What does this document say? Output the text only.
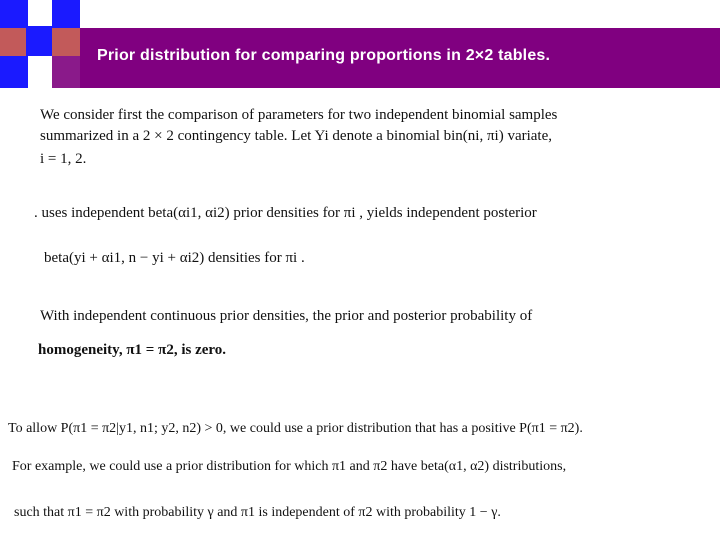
Prior distribution for comparing proportions in 2×2 tables.
We consider first the comparison of parameters for two independent binomial samples
summarized in a 2 × 2 contingency table. Let Yi denote a binomial bin(ni, πi) variate,
i = 1, 2.
. uses independent beta(αi1, αi2) prior densities for πi , yields independent posterior
beta(yi + αi1, n − yi + αi2) densities for πi .
With independent continuous prior densities, the prior and posterior probability of
homogeneity, π1 = π2, is zero.
To allow P(π1 = π2|y1, n1; y2, n2) > 0, we could use a prior distribution that has a positive P(π1 = π2).
For example, we could use a prior distribution for which π1 and π2 have beta(α1, α2) distributions,
such that π1 = π2 with probability γ and π1 is independent of π2 with probability 1 − γ.
